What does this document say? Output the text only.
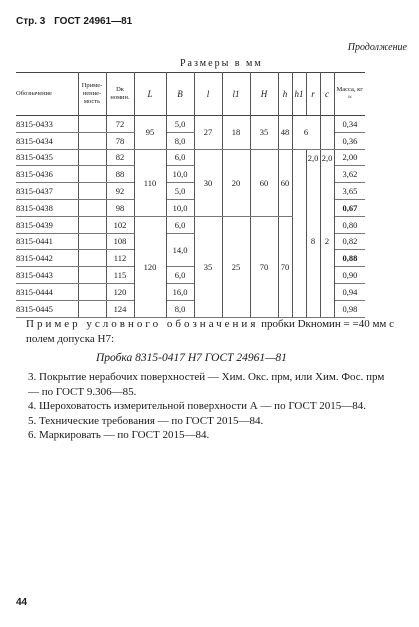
Стр. 3 ГОСТ 24961—81
Продолжение
Размеры в мм
Обозначение	Приме-нение-мость	Dк номин.	L	B	l	l1	H	h	h1	r	c	Масса, кг ≈
8315-0433		72	95	5,0	27	18	35	48	6			0,34
8315-0434		78		8,0								0,36
8315-0435		82	110	6,0	30	20	60	60		2,0	2,0	2,00
8315-0436		88		10,0						8	2	3,62
8315-0437		92		5,0								3,65
8315-0438		98		10,0								0,67
8315-0439		102	120	6,0	35	25	70	70				0,80
8315-0441		108		14,0								0,82
8315-0442		112										0,88
8315-0443		115		6,0								0,90
8315-0444		120		16,0								0,94
8315-0445		124		8,0								0,98
Пример условного обозначения пробки Dкномин = =40 мм с полем допуска H7:
Пробка 8315-0417 H7 ГОСТ 24961—81
3. Покрытие нерабочих поверхностей — Хим. Окс. прм, или Хим. Фос. прм — по ГОСТ 9.306—85.
4. Шероховатость измерительной поверхности А — по ГОСТ 2015—84.
5. Технические требования — по ГОСТ 2015—84.
6. Маркировать — по ГОСТ 2015—84.
44
